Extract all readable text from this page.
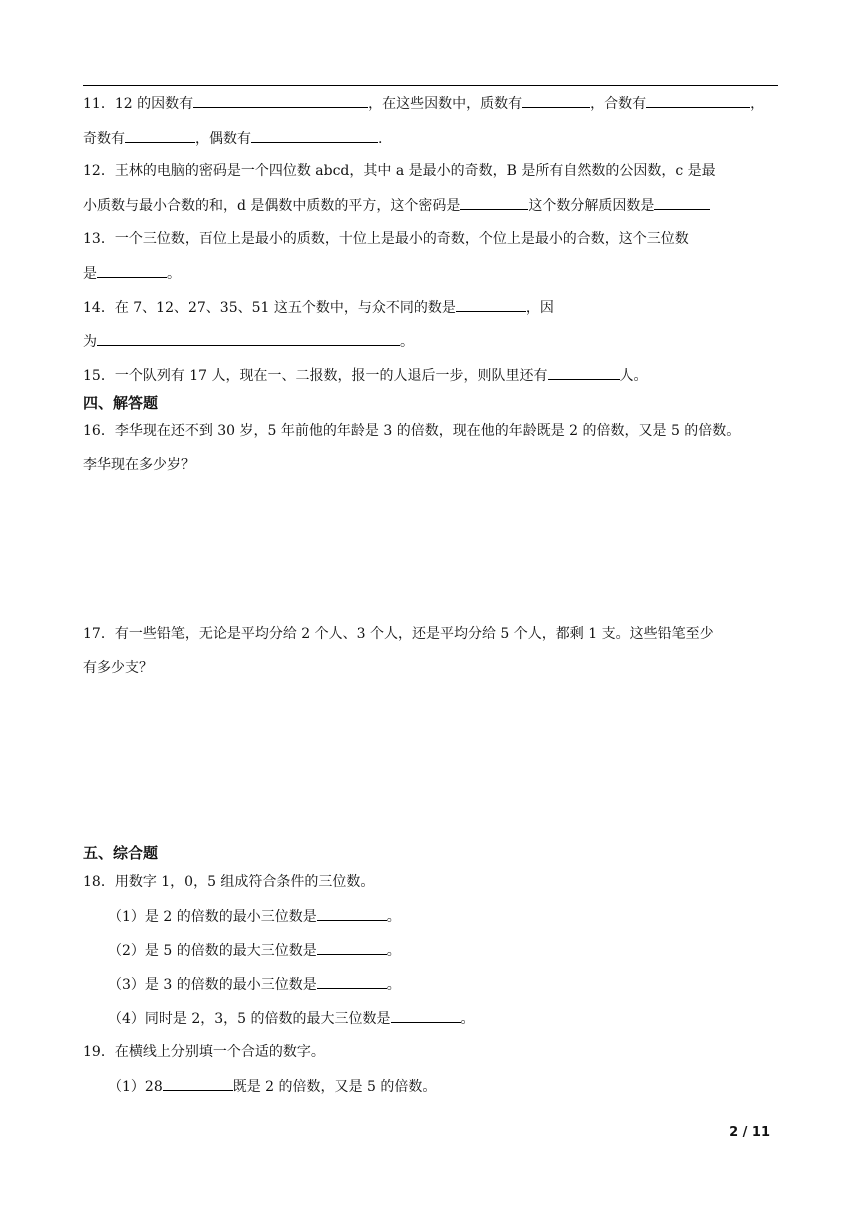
11．12 的因数有	，在这些因数中，质数有	，合数有	，
奇数有	，偶数有	.
12．王林的电脑的密码是一个四位数 abcd，其中 a 是最小的奇数，B 是所有自然数的公因数，c 是最
小质数与最小合数的和，d 是偶数中质数的平方，这个密码是	这个数分解质因数是
13．一个三位数，百位上是最小的质数，十位上是最小的奇数，个位上是最小的合数，这个三位数
是	。
14．在 7、12、27、35、51 这五个数中，与众不同的数是	，因
为	。
15．一个队列有 17 人，现在一、二报数，报一的人退后一步，则队里还有	人。
四、解答题
16．李华现在还不到 30 岁，5 年前他的年龄是 3 的倍数，现在他的年龄既是 2 的倍数，又是 5 的倍数。
李华现在多少岁？
17．有一些铅笔，无论是平均分给 2 个人、3 个人，还是平均分给 5 个人，都剩 1 支。这些铅笔至少
有多少支？
五、综合题
18．用数字 1，0，5 组成符合条件的三位数。
（1）是 2 的倍数的最小三位数是	。
（2）是 5 的倍数的最大三位数是	。
（3）是 3 的倍数的最小三位数是	。
（4）同时是 2，3，5 的倍数的最大三位数是	。
19．在横线上分别填一个合适的数字。
（1）28	既是 2 的倍数，又是 5 的倍数。
2 / 11
